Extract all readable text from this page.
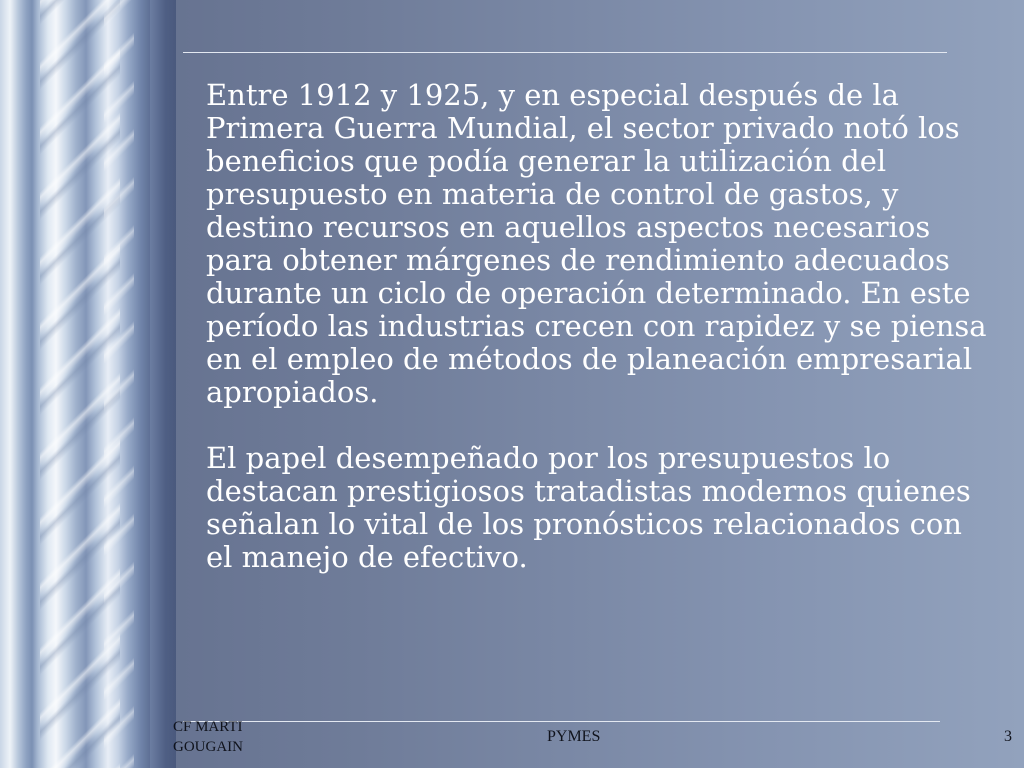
Entre 1912 y 1925, y en especial después de la Primera Guerra Mundial, el sector privado notó los beneficios que podía generar la utilización del presupuesto en materia de control de gastos, y destino recursos en aquellos aspectos necesarios para obtener márgenes de rendimiento adecuados durante un ciclo de operación determinado. En este período las industrias crecen con rapidez y se piensa en el empleo de métodos de planeación empresarial apropiados.

El papel desempeñado por los presupuestos lo destacan prestigiosos tratadistas modernos quienes señalan lo vital de los pronósticos relacionados con el manejo de efectivo.

CF MARTI GOUGAIN
PYMES	3
